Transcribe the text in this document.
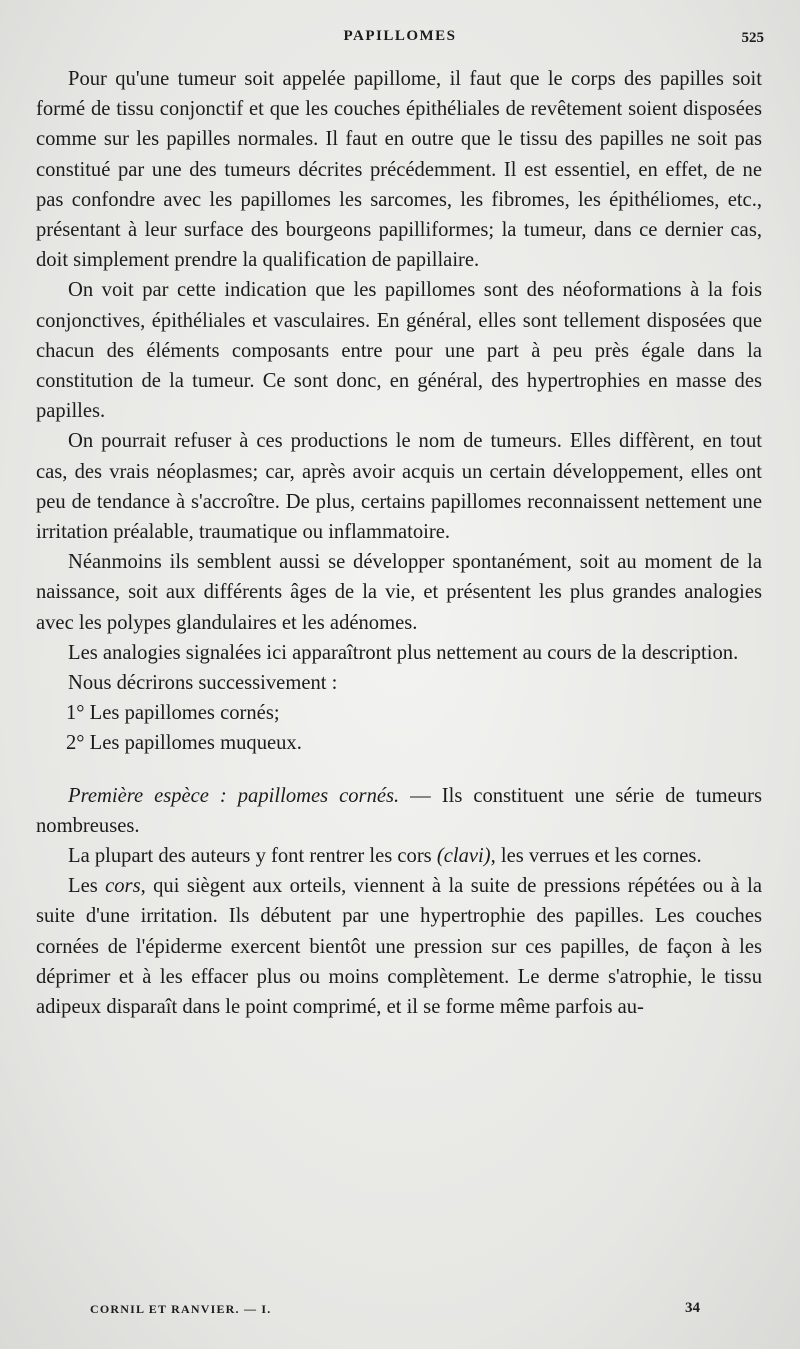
PAPILLOMES	525

Pour qu'une tumeur soit appelée papillome, il faut que le corps des papilles soit formé de tissu conjonctif et que les couches épithéliales de revêtement soient disposées comme sur les papilles normales. Il faut en outre que le tissu des papilles ne soit pas constitué par une des tumeurs décrites précédemment. Il est essentiel, en effet, de ne pas confondre avec les papillomes les sarcomes, les fibromes, les épithéliomes, etc., présentant à leur surface des bourgeons papilliformes; la tumeur, dans ce dernier cas, doit simplement prendre la qualification de papillaire.

On voit par cette indication que les papillomes sont des néoformations à la fois conjonctives, épithéliales et vasculaires. En général, elles sont tellement disposées que chacun des éléments composants entre pour une part à peu près égale dans la constitution de la tumeur. Ce sont donc, en général, des hypertrophies en masse des papilles.

On pourrait refuser à ces productions le nom de tumeurs. Elles diffèrent, en tout cas, des vrais néoplasmes; car, après avoir acquis un certain développement, elles ont peu de tendance à s'accroître. De plus, certains papillomes reconnaissent nettement une irritation préalable, traumatique ou inflammatoire.

Néanmoins ils semblent aussi se développer spontanément, soit au moment de la naissance, soit aux différents âges de la vie, et présentent les plus grandes analogies avec les polypes glandulaires et les adénomes.

Les analogies signalées ici apparaîtront plus nettement au cours de la description.

Nous décrirons successivement :

1° Les papillomes cornés;

2° Les papillomes muqueux.

Première espèce : papillomes cornés. — Ils constituent une série de tumeurs nombreuses.

La plupart des auteurs y font rentrer les cors (clavi), les verrues et les cornes.

Les cors, qui siègent aux orteils, viennent à la suite de pressions répétées ou à la suite d'une irritation. Ils débutent par une hypertrophie des papilles. Les couches cornées de l'épiderme exercent bientôt une pression sur ces papilles, de façon à les déprimer et à les effacer plus ou moins complètement. Le derme s'atrophie, le tissu adipeux disparaît dans le point comprimé, et il se forme même parfois au-

CORNIL ET RANVIER. — I.	34
